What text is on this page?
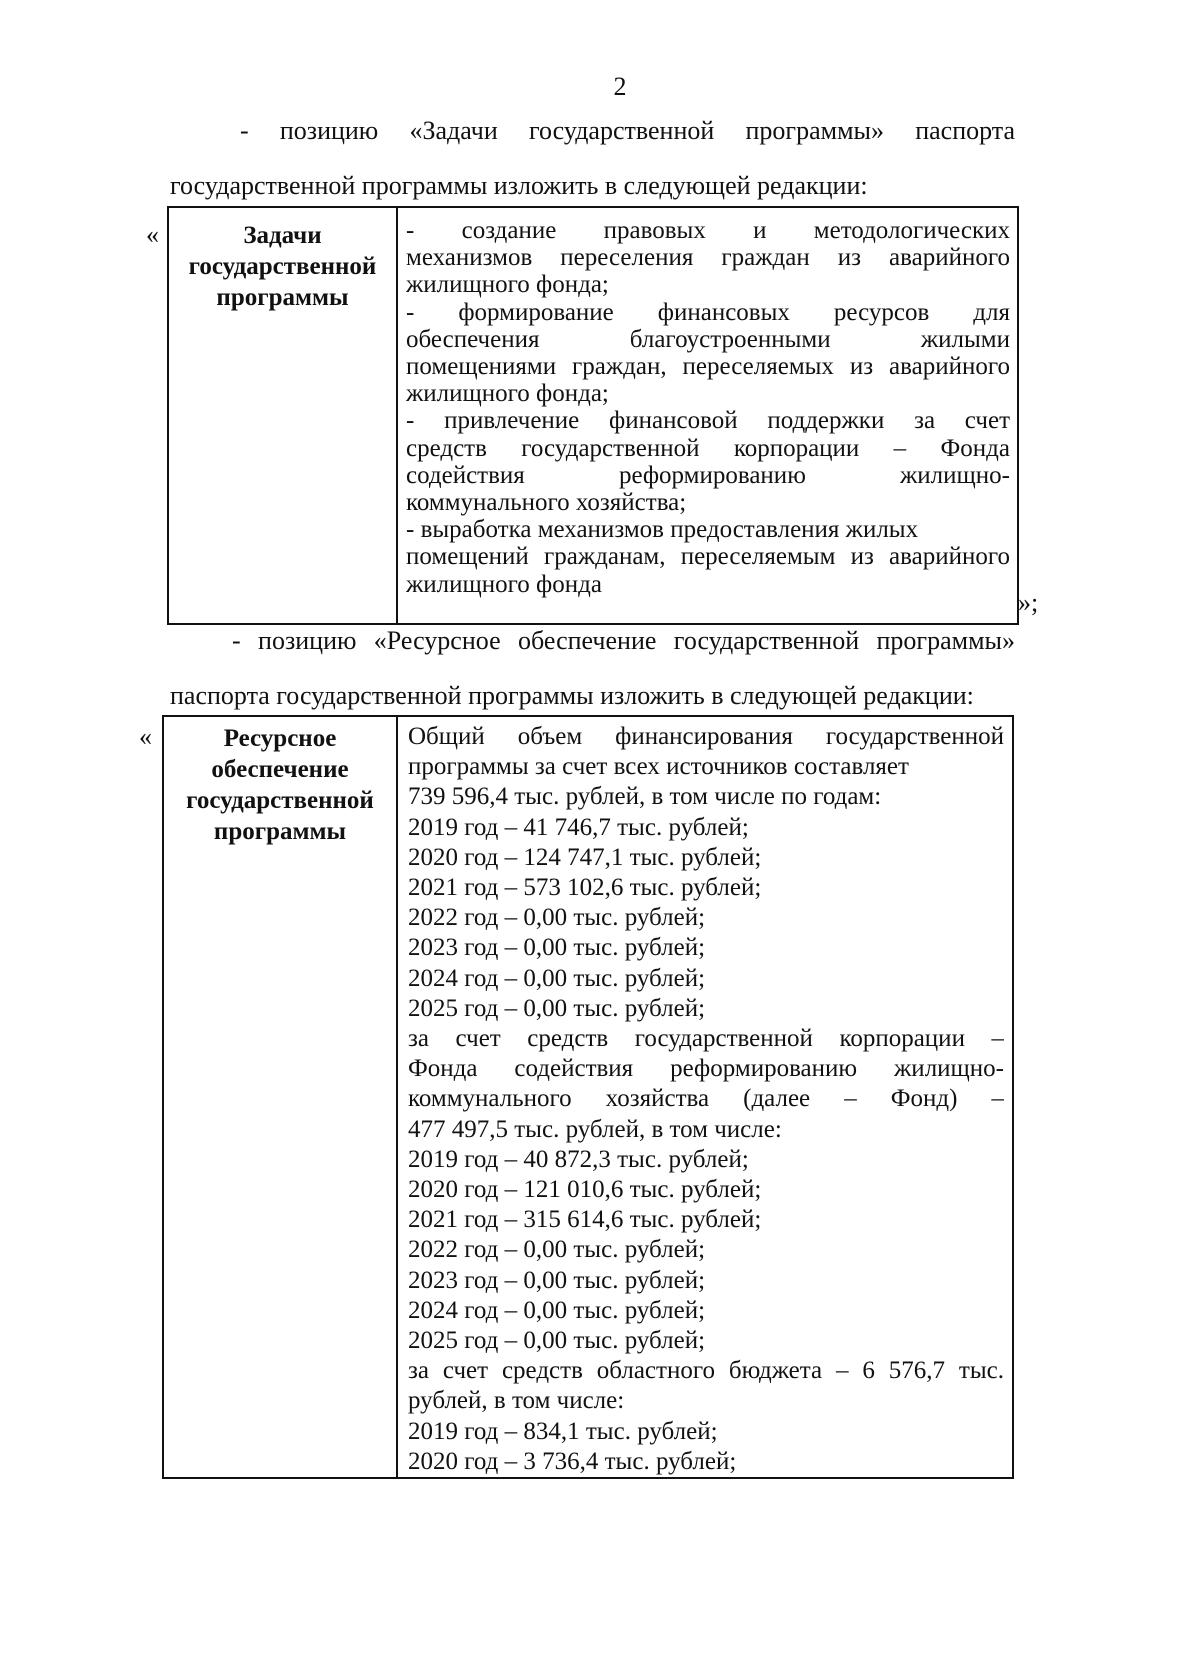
2
- позицию «Задачи государственной программы» паспорта
государственной программы изложить в следующей редакции:
«	Задачи
государственной
программы

- создание правовых и методологических
механизмов переселения граждан из аварийного
жилищного фонда;
- формирование финансовых ресурсов для
обеспечения благоустроенными жилыми
помещениями граждан, переселяемых из аварийного
жилищного фонда;
- привлечение финансовой поддержки за счет
средств государственной корпорации – Фонда
содействия реформированию жилищно-
коммунального хозяйства;
- выработка механизмов предоставления жилых
помещений гражданам, переселяемым из аварийного
жилищного фонда
»;
- позицию «Ресурсное обеспечение государственной программы»
паспорта государственной программы изложить в следующей редакции:
«	Ресурсное
обеспечение
государственной
программы

Общий объем финансирования государственной
программы за счет всех источников составляет
739 596,4 тыс. рублей, в том числе по годам:
2019 год – 41 746,7 тыс. рублей;
2020 год – 124 747,1 тыс. рублей;
2021 год – 573 102,6 тыс. рублей;
2022 год – 0,00 тыс. рублей;
2023 год – 0,00 тыс. рублей;
2024 год – 0,00 тыс. рублей;
2025 год – 0,00 тыс. рублей;
за счет средств государственной корпорации –
Фонда содействия реформированию жилищно-
коммунального хозяйства (далее – Фонд) –
477 497,5 тыс. рублей, в том числе:
2019 год – 40 872,3 тыс. рублей;
2020 год – 121 010,6 тыс. рублей;
2021 год – 315 614,6 тыс. рублей;
2022 год – 0,00 тыс. рублей;
2023 год – 0,00 тыс. рублей;
2024 год – 0,00 тыс. рублей;
2025 год – 0,00 тыс. рублей;
за счет средств областного бюджета – 6 576,7 тыс.
рублей, в том числе:
2019 год – 834,1 тыс. рублей;
2020 год – 3 736,4 тыс. рублей;
